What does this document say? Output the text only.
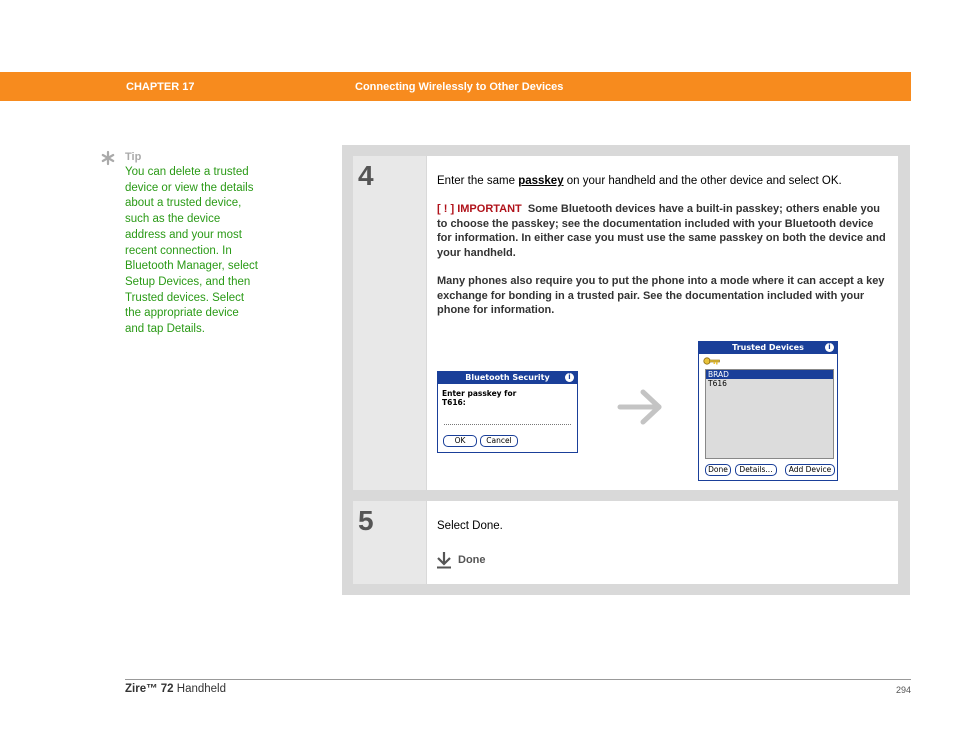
CHAPTER 17	Connecting Wirelessly to Other Devices
Tip
You can delete a trusted
device or view the details
about a trusted device,
such as the device
address and your most
recent connection. In
Bluetooth Manager, select
Setup Devices, and then
Trusted devices. Select
the appropriate device
and tap Details.
4	Enter the same passkey on your handheld and the other device and select OK.
[ ! ] IMPORTANT Some Bluetooth devices have a built-in passkey; others enable you to choose the passkey; see the documentation included with your Bluetooth device for information. In either case you must use the same passkey on both the device and your handheld.
Many phones also require you to put the phone into a mode where it can accept a key exchange for bonding in a trusted pair. See the documentation included with your phone for information.
Bluetooth Security	i
Enter passkey for
T616:
OK	Cancel
Trusted Devices	i
BRAD
T616
Done	Details...	Add Device
5	Select Done.
Done
Zire™ 72 Handheld	294
